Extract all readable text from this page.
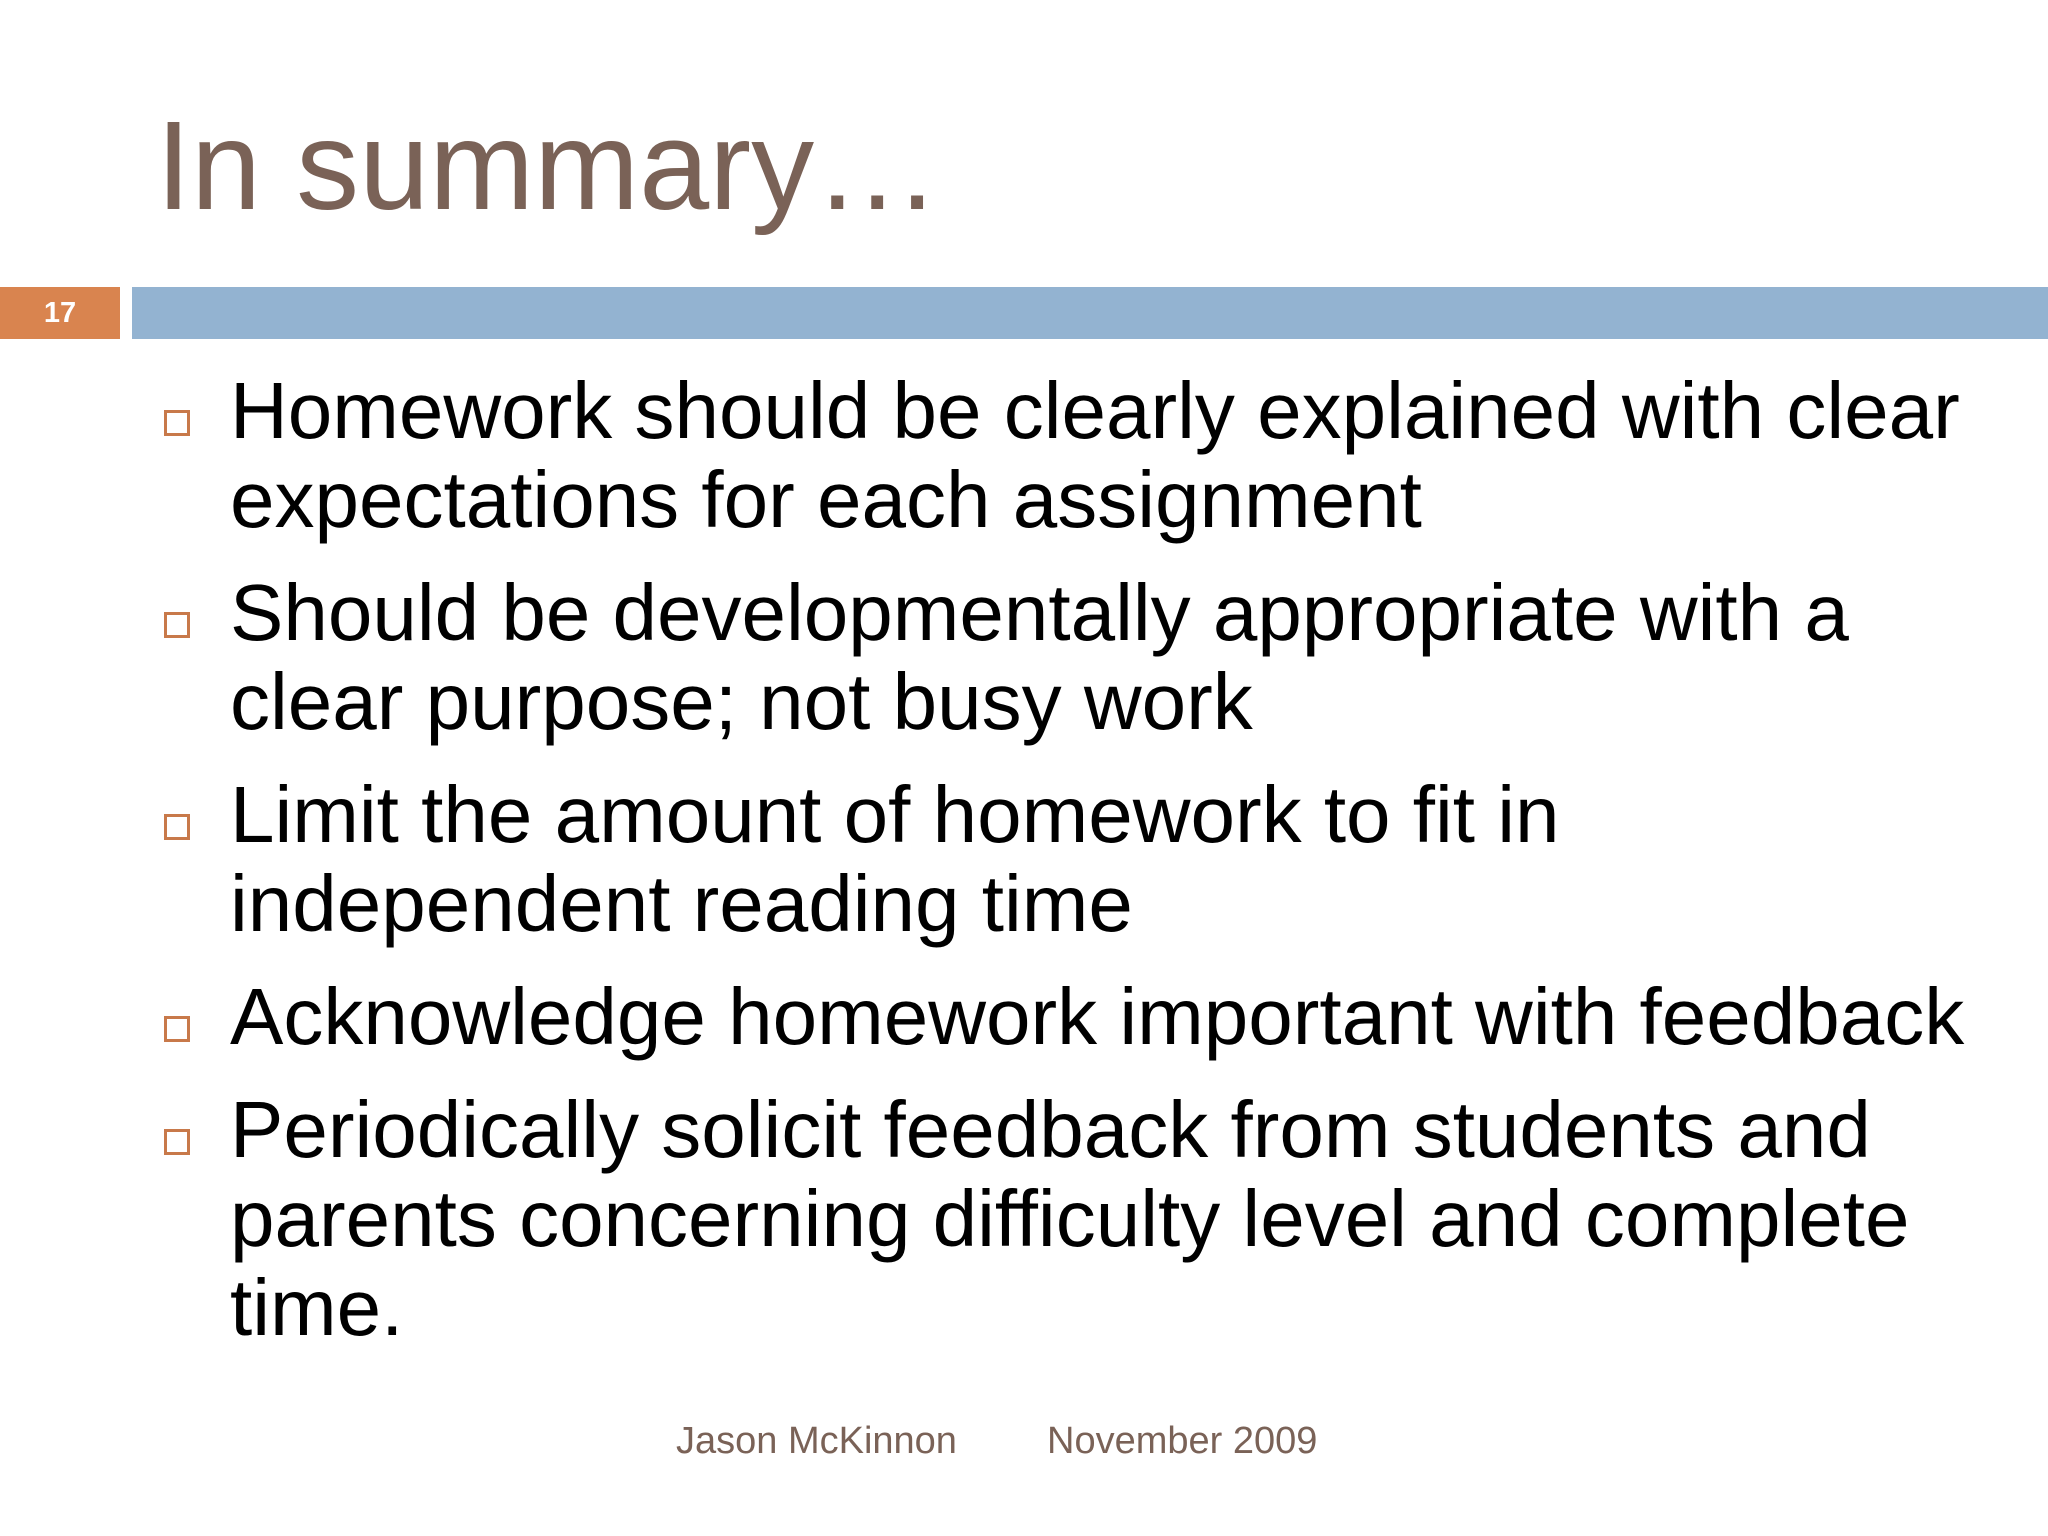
In summary…
17
Homework should be clearly explained with clear expectations for each assignment
Should be developmentally appropriate with a clear purpose; not busy work
Limit the amount of homework to fit in independent reading time
Acknowledge homework important with feedback
Periodically solicit feedback from students and parents concerning difficulty level and complete time.
Jason McKinnon November 2009
